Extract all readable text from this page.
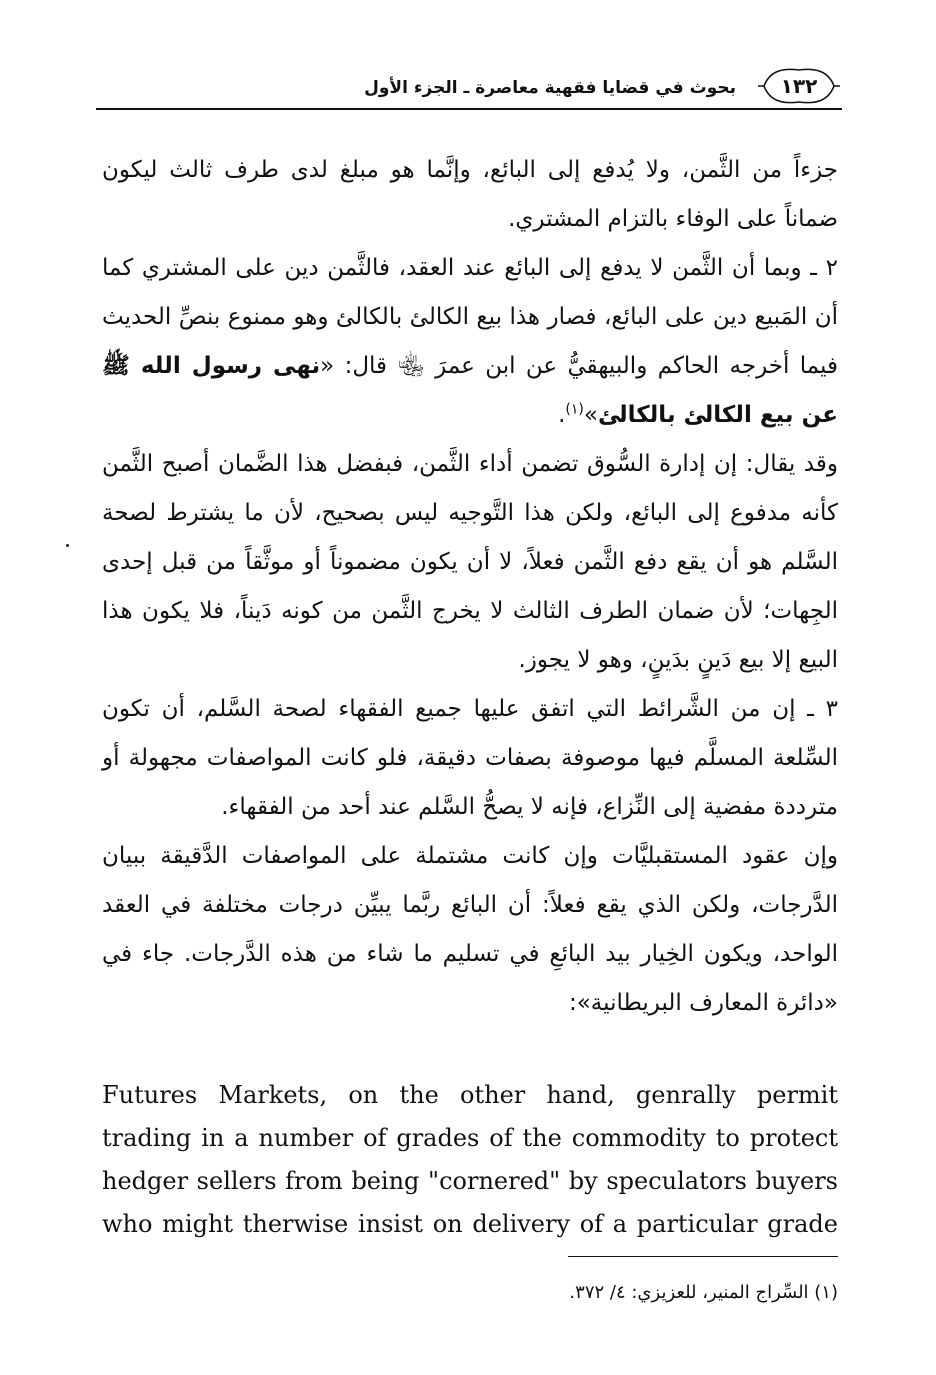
١٣٢
بحوث في قضايا فقهية معاصرة ـ الجزء الأول

جزءاً من الثَّمن، ولا يُدفع إلى البائع، وإنَّما هو مبلغ لدى طرف ثالث ليكون ضماناً على الوفاء بالتزام المشتري.

٢ ـ وبما أن الثَّمن لا يدفع إلى البائع عند العقد، فالثَّمن دين على المشتري كما أن المَبيع دين على البائع، فصار هذا بيع الكالئ بالكالئ وهو ممنوع بنصِّ الحديث فيما أخرجه الحاكم والبيهقيُّ عن ابن عمرَ ﵄ قال: «نهى رسول الله ﷺ عن بيع الكالئ بالكالئ»$^{(١)}$.

وقد يقال: إن إدارة السُّوق تضمن أداء الثَّمن، فبفضل هذا الضَّمان أصبح الثَّمن كأنه مدفوع إلى البائع، ولكن هذا التَّوجيه ليس بصحيح، لأن ما يشترط لصحة السَّلم هو أن يقع دفع الثَّمن فعلاً، لا أن يكون مضموناً أو موثَّقاً من قبل إحدى الجِهات؛ لأن ضمان الطرف الثالث لا يخرج الثَّمن من كونه دَيناً، فلا يكون هذا البيع إلا بيع دَينٍ بدَينٍ، وهو لا يجوز.

٣ ـ إن من الشَّرائط التي اتفق عليها جميع الفقهاء لصحة السَّلم، أن تكون السِّلعة المسلَّم فيها موصوفة بصفات دقيقة، فلو كانت المواصفات مجهولة أو مترددة مفضية إلى النِّزاع، فإنه لا يصحُّ السَّلم عند أحد من الفقهاء.

وإن عقود المستقبليَّات وإن كانت مشتملة على المواصفات الدَّقيقة ببيان الدَّرجات، ولكن الذي يقع فعلاً: أن البائع ربَّما يبيِّن درجات مختلفة في العقد الواحد، ويكون الخِيار بيد البائعِ في تسليم ما شاء من هذه الدَّرجات. جاء في «دائرة المعارف البريطانية»:

Futures Markets, on the other hand, genrally permit trading in a number of grades of the commodity to protect hedger sellers from being "cornered" by speculators buyers who might therwise insist on delivery of a particular grade

(١) السِّراج المنير، للعزيزي: ٤/ ٣٧٢.
